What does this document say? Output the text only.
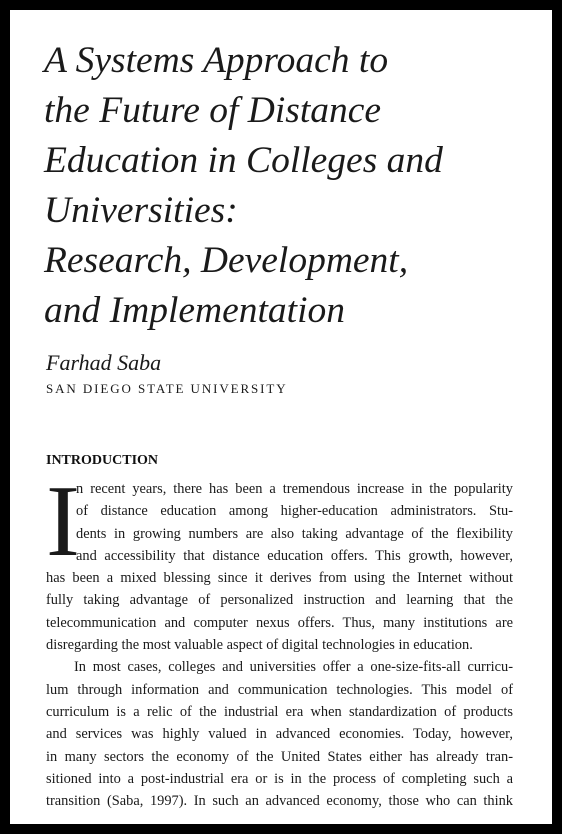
A Systems Approach to
the Future of Distance
Education in Colleges and
Universities:
Research, Development,
and Implementation
Farhad Saba
SAN DIEGO STATE UNIVERSITY
INTRODUCTION
I
n recent years, there has been a tremendous increase in the popularity
of distance education among higher-education administrators. Stu-
dents in growing numbers are also taking advantage of the flexibility
and accessibility that distance education offers. This growth, however,
has been a mixed blessing since it derives from using the Internet without
fully taking advantage of personalized instruction and learning that the
telecommunication and computer nexus offers. Thus, many institutions are
disregarding the most valuable aspect of digital technologies in education.
In most cases, colleges and universities offer a one-size-fits-all curricu-
lum through information and communication technologies. This model of
curriculum is a relic of the industrial era when standardization of products
and services was highly valued in advanced economies. Today, however,
in many sectors the economy of the United States either has already tran-
sitioned into a post-industrial era or is in the process of completing such a
transition (Saba, 1997). In such an advanced economy, those who can think
